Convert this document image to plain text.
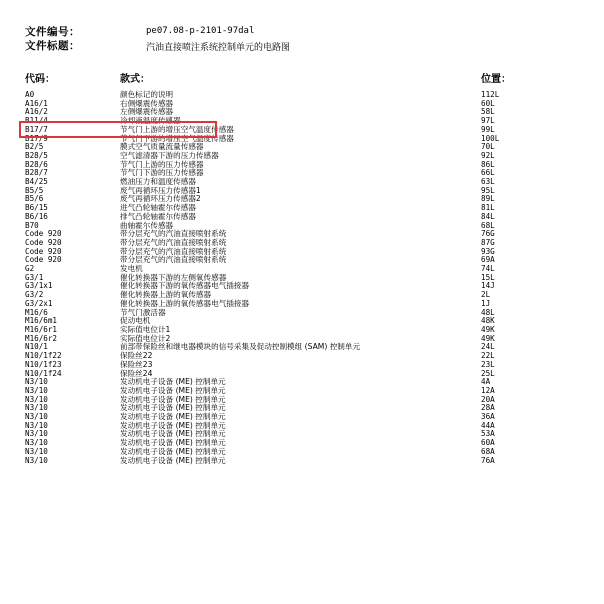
文件编号：	pe07.08-p-2101-97dal
文件标题：	汽油直接喷注系统控制单元的电路图
代码：	款式：	位置：
A0	颜色标记的说明	112L
A16/1	右侧爆震传感器	60L
A16/2	左侧爆震传感器	58L
B11/4	冷却液温度传感器	97L
B17/7	节气门上游的增压空气温度传感器	99L
B17/9	节气门下游的增压空气温度传感器	100L
B2/5	膜式空气质量流量传感器	70L
B28/5	空气滤清器下游的压力传感器	92L
B28/6	节气门上游的压力传感器	86L
B28/7	节气门下游的压力传感器	66L
B4/25	燃油压力和温度传感器	63L
B5/5	废气再循环压力传感器1	95L
B5/6	废气再循环压力传感器2	89L
B6/15	进气凸轮轴霍尔传感器	81L
B6/16	排气凸轮轴霍尔传感器	84L
B70	曲轴霍尔传感器	68L
Code 920	带分层充气的汽油直接喷射系统	76G
Code 920	带分层充气的汽油直接喷射系统	87G
Code 920	带分层充气的汽油直接喷射系统	93G
Code 920	带分层充气的汽油直接喷射系统	69A
G2	发电机	74L
G3/1	催化转换器下游的左侧氧传感器	15L
G3/1x1	催化转换器下游的氧传感器电气插接器	14J
G3/2	催化转换器上游的氧传感器	2L
G3/2x1	催化转换器上游的氧传感器电气插接器	1J
M16/6	节气门激活器	48L
M16/6m1	促动电机	48K
M16/6r1	实际值电位计1	49K
M16/6r2	实际值电位计2	49K
N10/1	前部带保险丝和继电器模块的信号采集及促动控制模组 (SAM) 控制单元	24L
N10/1f22	保险丝22	22L
N10/1f23	保险丝23	23L
N10/1f24	保险丝24	25L
N3/10	发动机电子设备 (ME) 控制单元	4A
N3/10	发动机电子设备 (ME) 控制单元	12A
N3/10	发动机电子设备 (ME) 控制单元	20A
N3/10	发动机电子设备 (ME) 控制单元	28A
N3/10	发动机电子设备 (ME) 控制单元	36A
N3/10	发动机电子设备 (ME) 控制单元	44A
N3/10	发动机电子设备 (ME) 控制单元	53A
N3/10	发动机电子设备 (ME) 控制单元	60A
N3/10	发动机电子设备 (ME) 控制单元	68A
N3/10	发动机电子设备 (ME) 控制单元	76A
